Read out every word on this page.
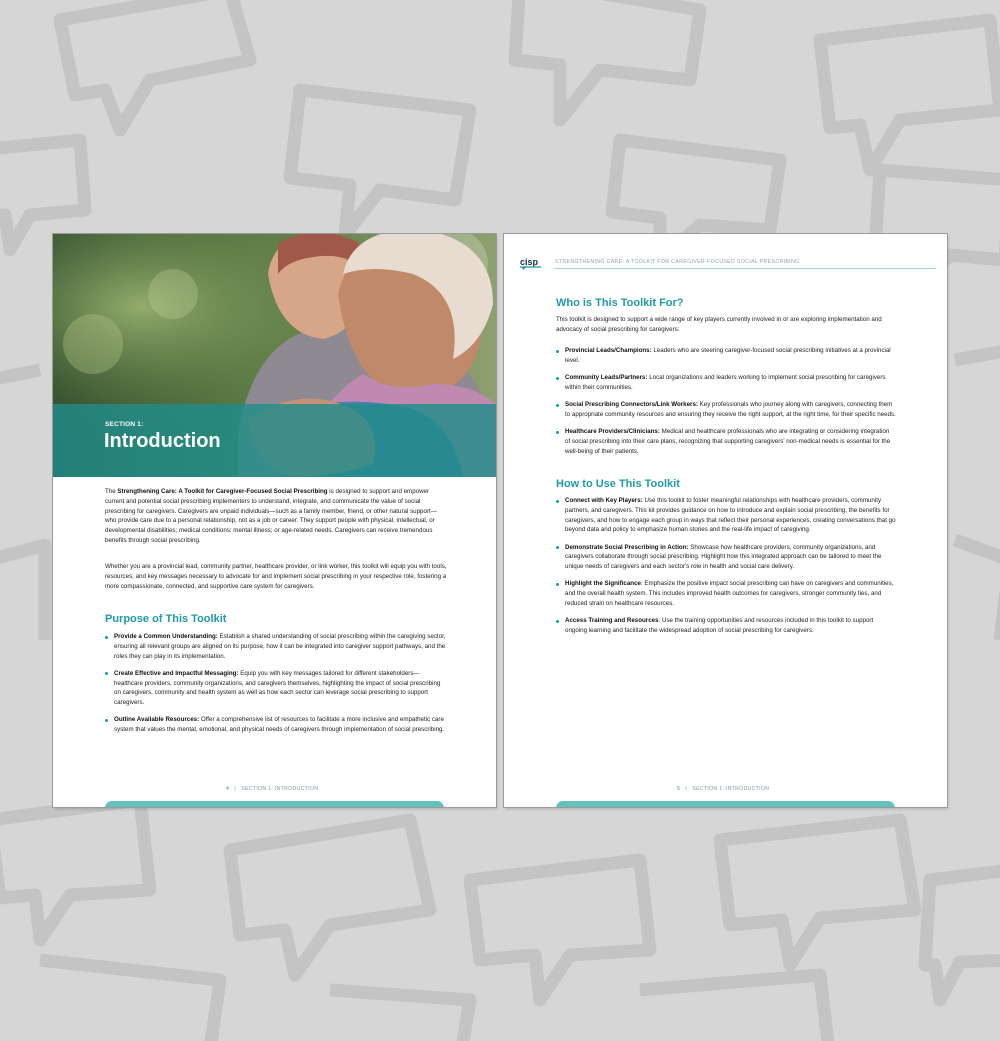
SECTION 1:
Introduction

The Strengthening Care: A Toolkit for Caregiver-Focused Social Prescribing is designed to support and empower current and potential social prescribing implementers to understand, integrate, and communicate the value of social prescribing for caregivers. Caregivers are unpaid individuals—such as a family member, friend, or other natural support—who provide care due to a personal relationship, not as a job or career. They support people with physical, intellectual, or developmental disabilities; medical conditions; mental illness; or age-related needs. Caregivers can receive tremendous benefits through social prescribing.

Whether you are a provincial lead, community partner, healthcare provider, or link worker, this toolkit will equip you with tools, resources, and key messages necessary to advocate for and implement social prescribing in your respective role, fostering a more compassionate, connected, and supportive care system for caregivers.

Purpose of This Toolkit
Provide a Common Understanding: Establish a shared understanding of social prescribing within the caregiving sector, ensuring all relevant groups are aligned on its purpose, how it can be integrated into caregiver support pathways, and the roles they can play in its implementation.
Create Effective and Impactful Messaging: Equip you with key messages tailored for different stakeholders—healthcare providers, community organizations, and caregivers themselves, highlighting the impact of social prescribing on caregivers, community and health system as well as how each sector can leverage social prescribing to support caregivers.
Outline Available Resources: Offer a comprehensive list of resources to facilitate a more inclusive and empathetic care system that values the mental, emotional, and physical needs of caregivers through implementation of social prescribing.
4 | SECTION 1: INTRODUCTION
cisp	STRENGTHENING CARE: A TOOLKIT FOR CAREGIVER-FOCUSED SOCIAL PRESCRIBING
Who is This Toolkit For?

This toolkit is designed to support a wide range of key players currently involved in or are exploring implementation and advocacy of social prescribing for caregivers:

Provincial Leads/Champions: Leaders who are steering caregiver-focused social prescribing initiatives at a provincial level.
Community Leads/Partners: Local organizations and leaders working to implement social prescribing for caregivers within their communities.
Social Prescribing Connectors/Link Workers: Key professionals who journey along with caregivers, connecting them to appropriate community resources and ensuring they receive the right support, at the right time, for their specific needs.
Healthcare Providers/Clinicians: Medical and healthcare professionals who are integrating or considering integration of social prescribing into their care plans, recognizing that supporting caregivers' non-medical needs is essential for the well-being of their patients.
How to Use This Toolkit
Connect with Key Players: Use this toolkit to foster meaningful relationships with healthcare providers, community partners, and caregivers. This kit provides guidance on how to introduce and explain social prescribing, the benefits for caregivers, and how to engage each group in ways that reflect their personal experiences, creating conversations that go beyond data and policy to emphasize human stories and the real-life impact of caregiving.
Demonstrate Social Prescribing in Action: Showcase how healthcare providers, community organizations, and caregivers collaborate through social prescribing. Highlight how this integrated approach can be tailored to meet the unique needs of caregivers and each sector's role in health and social care delivery.
Highlight the Significance: Emphasize the positive impact social prescribing can have on caregivers and communities, and the overall health system. This includes improved health outcomes for caregivers, stronger community ties, and reduced strain on healthcare resources.
Access Training and Resources: Use the training opportunities and resources included in this toolkit to support ongoing learning and facilitate the widespread adoption of social prescribing for caregivers.
5 | SECTION 1: INTRODUCTION
